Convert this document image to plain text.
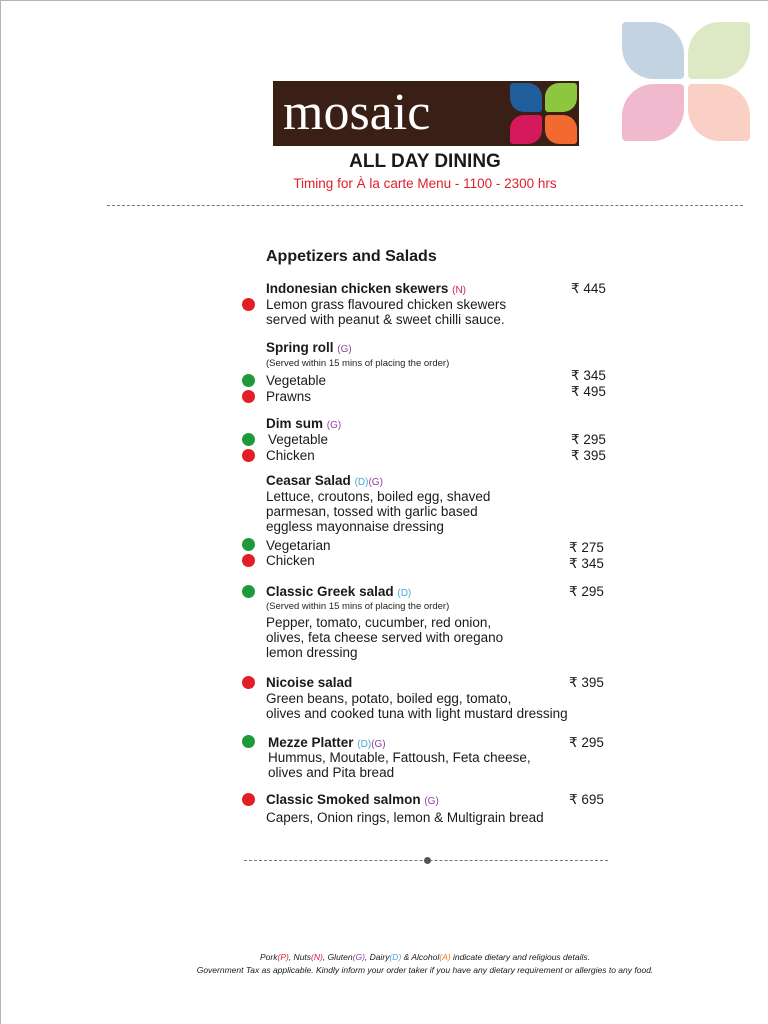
mosaic
ALL DAY DINING
Timing for À la carte Menu - 1100 - 2300 hrs
Appetizers and Salads
Indonesian chicken skewers (N)	₹ 445
Lemon grass flavoured chicken skewers
served with peanut & sweet chilli sauce.
Spring roll (G)
(Served within 15 mins of placing the order)
Vegetable	₹ 345
Prawns	₹ 495
Dim sum (G)
Vegetable	₹ 295
Chicken	₹ 395
Ceasar Salad (D)(G)
Lettuce, croutons, boiled egg, shaved
parmesan, tossed with garlic based
eggless mayonnaise dressing
Vegetarian	₹ 275
Chicken	₹ 345
Classic Greek salad (D)	₹ 295
(Served within 15 mins of placing the order)
Pepper, tomato, cucumber, red onion,
olives, feta cheese served with oregano
lemon dressing
Nicoise salad	₹ 395
Green beans, potato, boiled egg, tomato,
olives and cooked tuna with light mustard dressing
Mezze Platter (D)(G)	₹ 295
Hummus, Moutable, Fattoush, Feta cheese,
olives and Pita bread
Classic Smoked salmon (G)	₹ 695
Capers, Onion rings, lemon & Multigrain bread
Pork(P), Nuts(N), Gluten(G), Dairy(D) & Alcohol(A) indicate dietary and religious details.
Government Tax as applicable. Kindly inform your order taker if you have any dietary requirement or allergies to any food.
